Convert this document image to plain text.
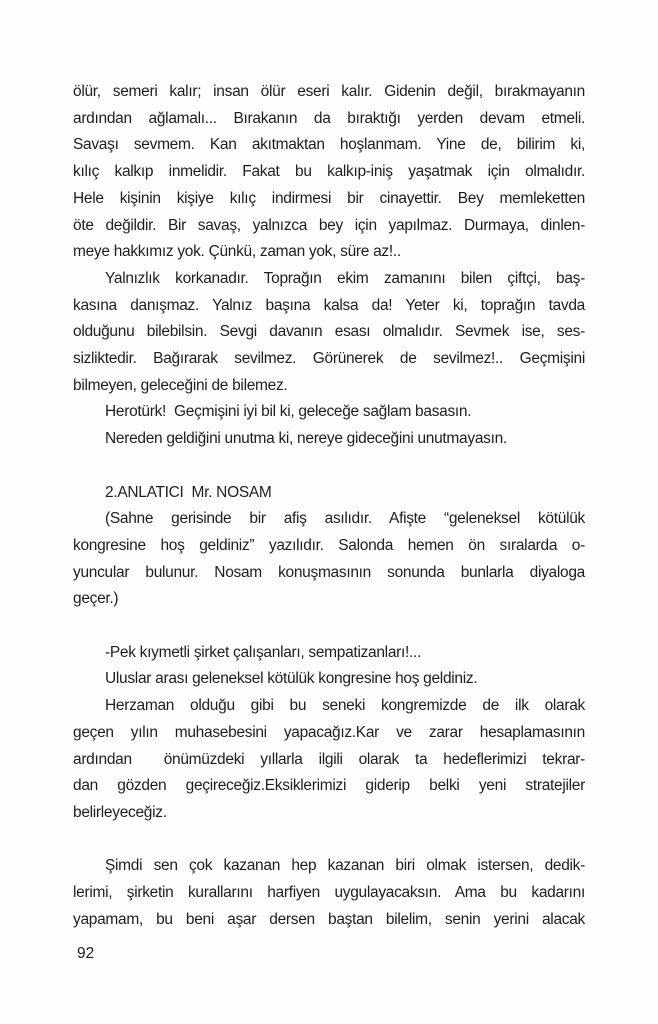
ölür, semeri kalır; insan ölür eseri kalır. Gidenin değil, bırakmayanın
ardından ağlamalı... Bırakanın da bıraktığı yerden devam etmeli.
Savaşı sevmem. Kan akıtmaktan hoşlanmam. Yine de, bilirim ki,
kılıç kalkıp inmelidir. Fakat bu kalkıp-iniş yaşatmak için olmalıdır.
Hele kişinin kişiye kılıç indirmesi bir cinayettir. Bey memleketten
öte değildir. Bir savaş, yalnızca bey için yapılmaz. Durmaya, dinlen-
meye hakkımız yok. Çünkü, zaman yok, süre az!..
Yalnızlık korkanadır. Toprağın ekim zamanını bilen çiftçi, baş-
kasına danışmaz. Yalnız başına kalsa da! Yeter ki, toprağın tavda
olduğunu bilebilsin. Sevgi davanın esası olmalıdır. Sevmek ise, ses-
sizliktedir. Bağırarak sevilmez. Görünerek de sevilmez!.. Geçmişini
bilmeyen, geleceğini de bilemez.
Herotürk!  Geçmişini iyi bil ki, geleceğe sağlam basasın.
Nereden geldiğini unutma ki, nereye gideceğini unutmayasın.
2.ANLATICI  Mr. NOSAM
(Sahne gerisinde bir afiş asılıdır. Afişte “geleneksel kötülük
kongresine hoş geldiniz” yazılıdır. Salonda hemen ön sıralarda o-
yuncular bulunur. Nosam konuşmasının sonunda bunlarla diyaloga
geçer.)
-Pek kıymetli şirket çalışanları, sempatizanları!...
Uluslar arası geleneksel kötülük kongresine hoş geldiniz.
Herzaman olduğu gibi bu seneki kongremizde de ilk olarak
geçen yılın muhasebesini yapacağız.Kar ve zarar hesaplamasının
ardından  önümüzdeki yıllarla ilgili olarak ta hedeflerimizi tekrar-
dan gözden geçireceğiz.Eksiklerimizi giderip belki yeni stratejiler
belirleyeceğiz.
Şimdi sen çok kazanan hep kazanan biri olmak istersen, dedik-
lerimi, şirketin kurallarını harfiyen uygulayacaksın. Ama bu kadarını
yapamam, bu beni aşar dersen baştan bilelim, senin yerini alacak
92
